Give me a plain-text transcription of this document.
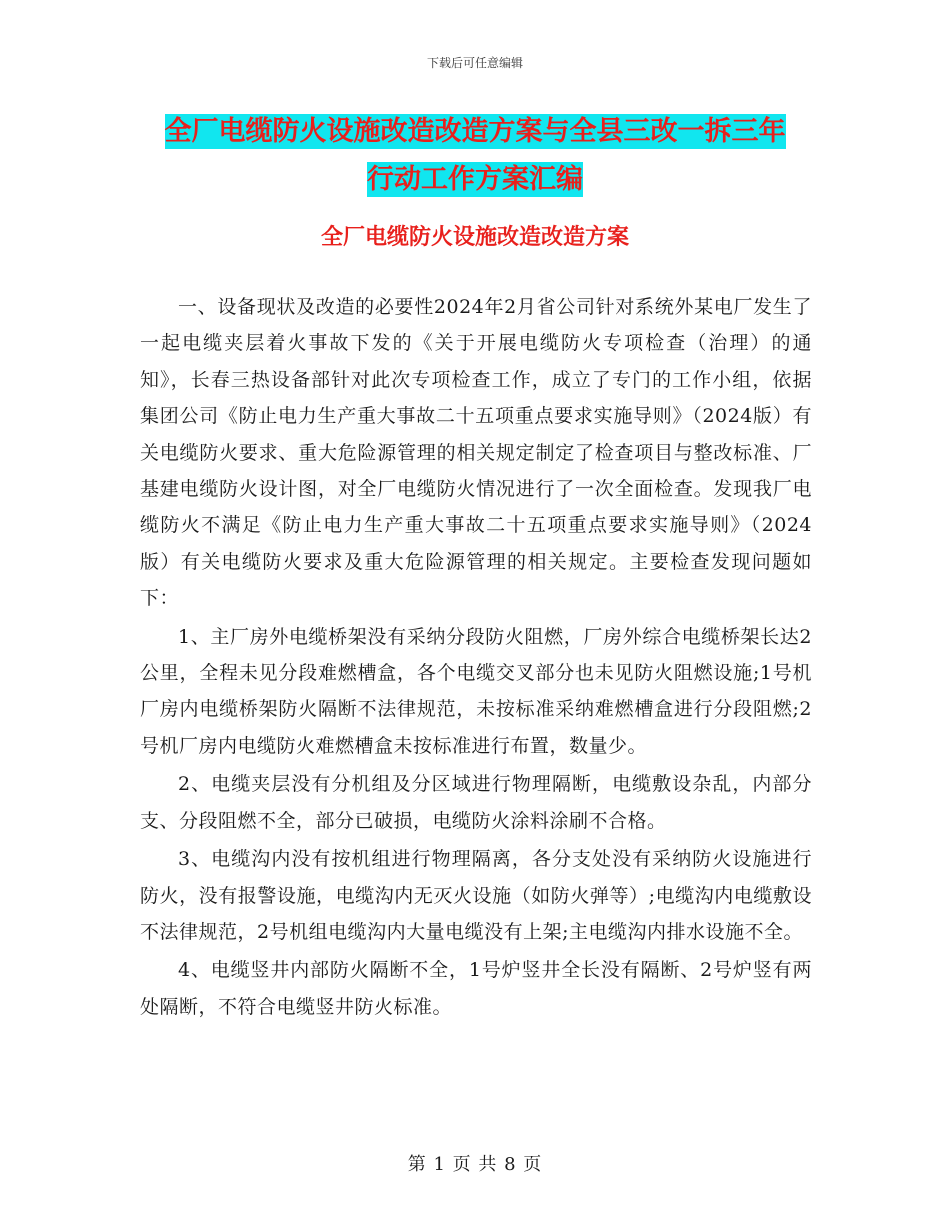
下载后可任意编辑
全厂电缆防火设施改造改造方案与全县三改一拆三年
行动工作方案汇编
全厂电缆防火设施改造改造方案

一、设备现状及改造的必要性2024年2月省公司针对系统外某电厂发生了一起电缆夹层着火事故下发的《关于开展电缆防火专项检查（治理）的通知》，长春三热设备部针对此次专项检查工作，成立了专门的工作小组，依据集团公司《防止电力生产重大事故二十五项重点要求实施导则》（2024版）有关电缆防火要求、重大危险源管理的相关规定制定了检查项目与整改标准、厂基建电缆防火设计图，对全厂电缆防火情况进行了一次全面检查。发现我厂电缆防火不满足《防止电力生产重大事故二十五项重点要求实施导则》（2024版）有关电缆防火要求及重大危险源管理的相关规定。主要检查发现问题如下：

1、主厂房外电缆桥架没有采纳分段防火阻燃，厂房外综合电缆桥架长达2公里，全程未见分段难燃槽盒，各个电缆交叉部分也未见防火阻燃设施;1号机厂房内电缆桥架防火隔断不法律规范，未按标准采纳难燃槽盒进行分段阻燃;2号机厂房内电缆防火难燃槽盒未按标准进行布置，数量少。

2、电缆夹层没有分机组及分区域进行物理隔断，电缆敷设杂乱，内部分支、分段阻燃不全，部分已破损，电缆防火涂料涂刷不合格。

3、电缆沟内没有按机组进行物理隔离，各分支处没有采纳防火设施进行防火，没有报警设施，电缆沟内无灭火设施（如防火弹等）;电缆沟内电缆敷设不法律规范，2号机组电缆沟内大量电缆没有上架;主电缆沟内排水设施不全。

4、电缆竖井内部防火隔断不全，1号炉竖井全长没有隔断、2号炉竖有两处隔断，不符合电缆竖井防火标准。

第 1 页 共 8 页
